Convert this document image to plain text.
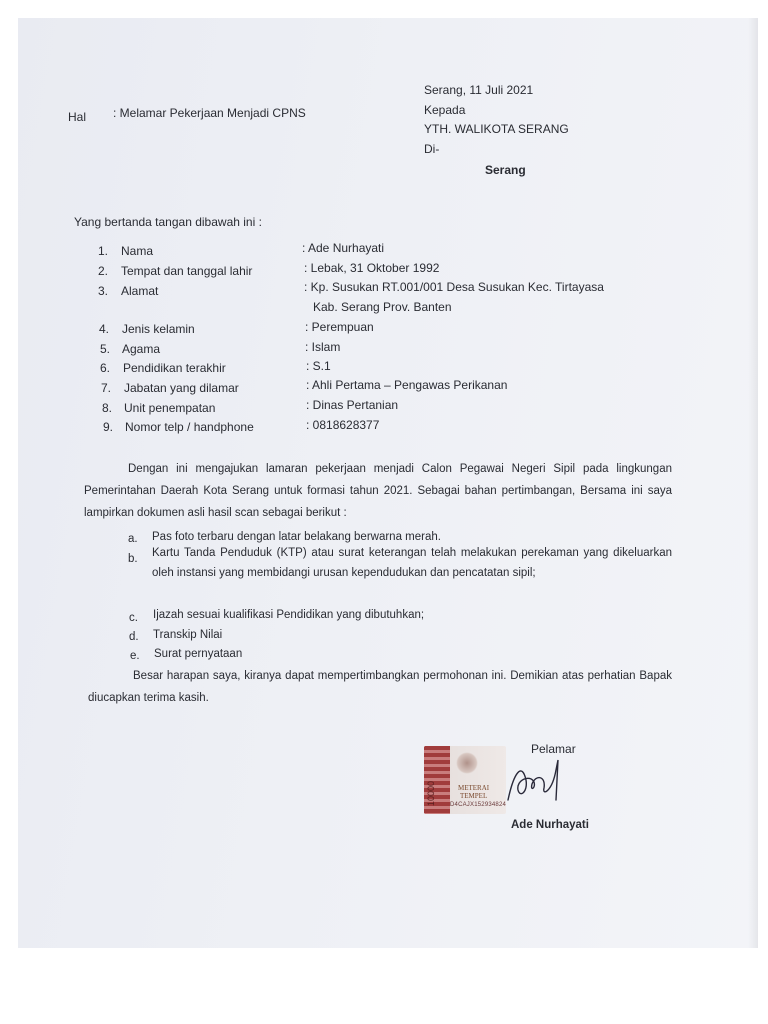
Serang, 11 Juli 2021
Kepada
YTH. WALIKOTA SERANG
Di-
Serang
Hal : Melamar Pekerjaan Menjadi CPNS
Yang bertanda tangan dibawah ini :
1. Nama	: Ade Nurhayati
2. Tempat dan tanggal lahir	: Lebak, 31 Oktober 1992
3. Alamat	: Kp. Susukan RT.001/001 Desa Susukan Kec. Tirtayasa
Kab. Serang Prov. Banten
4. Jenis kelamin	: Perempuan
5. Agama	: Islam
6. Pendidikan terakhir	: S.1
7. Jabatan yang dilamar	: Ahli Pertama – Pengawas Perikanan
8. Unit penempatan	: Dinas Pertanian
9. Nomor telp / handphone	: 0818628377
Dengan ini mengajukan lamaran pekerjaan menjadi Calon Pegawai Negeri Sipil pada lingkungan Pemerintahan Daerah Kota Serang untuk formasi tahun 2021. Sebagai bahan pertimbangan, Bersama ini saya lampirkan dokumen asli hasil scan sebagai berikut :
a. Pas foto terbaru dengan latar belakang berwarna merah.
b. Kartu Tanda Penduduk (KTP) atau surat keterangan telah melakukan perekaman yang dikeluarkan oleh instansi yang membidangi urusan kependudukan dan pencatatan sipil;
c. Ijazah sesuai kualifikasi Pendidikan yang dibutuhkan;
d. Transkip Nilai
e. Surat pernyataan
Besar harapan saya, kiranya dapat mempertimbangkan permohonan ini. Demikian atas perhatian Bapak diucapkan terima kasih.
Pelamar
10000	METERAI
TEMPEL
D4CAJX152934824
Ade Nurhayati
